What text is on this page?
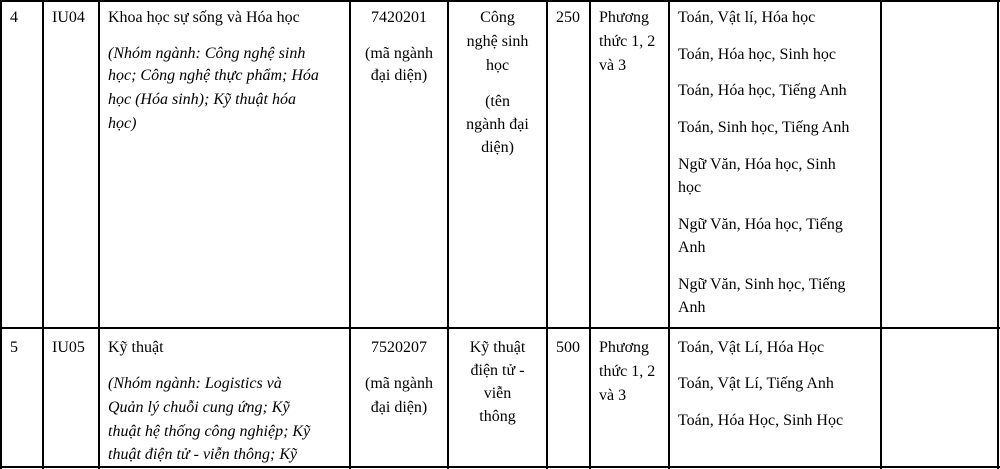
4 IU04 Khoa học sự sống và Hóa học
(Nhóm ngành: Công nghệ sinh
học; Công nghệ thực phẩm; Hóa
học (Hóa sinh); Kỹ thuật hóa
học)
7420201
(mã ngành
đại diện)
Công
nghệ sinh
học
(tên
ngành đại
diện)
250 Phương
thức 1, 2
và 3
Toán, Vật lí, Hóa học
Toán, Hóa học, Sinh học
Toán, Hóa học, Tiếng Anh
Toán, Sinh học, Tiếng Anh
Ngữ Văn, Hóa học, Sinh
học
Ngữ Văn, Hóa học, Tiếng
Anh
Ngữ Văn, Sinh học, Tiếng
Anh
5 IU05 Kỹ thuật
(Nhóm ngành: Logistics và
Quản lý chuỗi cung ứng; Kỹ
thuật hệ thống công nghiệp; Kỹ
thuật điện tử - viễn thông; Kỹ
7520207
(mã ngành
đại diện)
Kỹ thuật
điện tử -
viễn
thông
500 Phương
thức 1, 2
và 3
Toán, Vật Lí, Hóa Học
Toán, Vật Lí, Tiếng Anh
Toán, Hóa Học, Sinh Học
